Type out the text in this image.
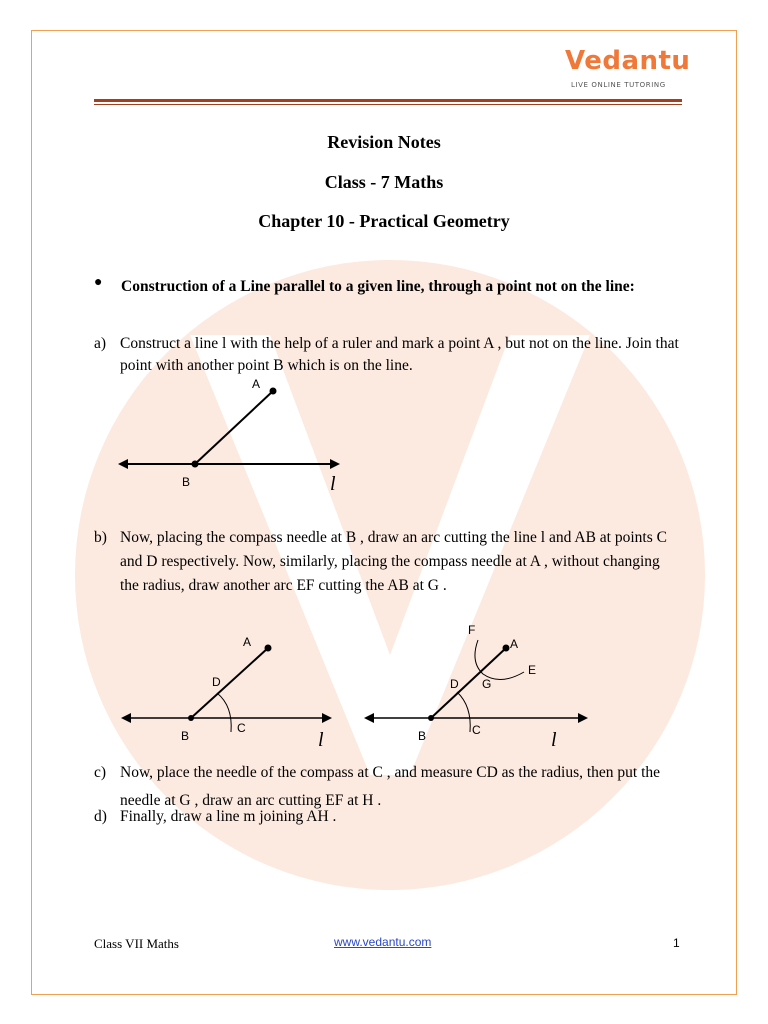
Vedantu
LIVE ONLINE TUTORING
Revision Notes
Class - 7 Maths
Chapter 10 - Practical Geometry
● Construction of a Line parallel to a given line, through a point not on the line:
a) Construct a line l with the help of a ruler and mark a point A , but not on the line. Join that point with another point B which is on the line.
A
B	l
b) Now, placing the compass needle at B , draw an arc cutting the line l and AB at points C and D respectively. Now, similarly, placing the compass needle at A , without changing the radius, draw another arc EF cutting the AB at G .
A
D
C
B	l
F
A
E
G
D
C
B	l
c) Now, place the needle of the compass at C , and measure CD as the radius, then put the needle at G , draw an arc cutting EF at H .
d) Finally, draw a line m joining AH .
Class VII Maths	www.vedantu.com	1
